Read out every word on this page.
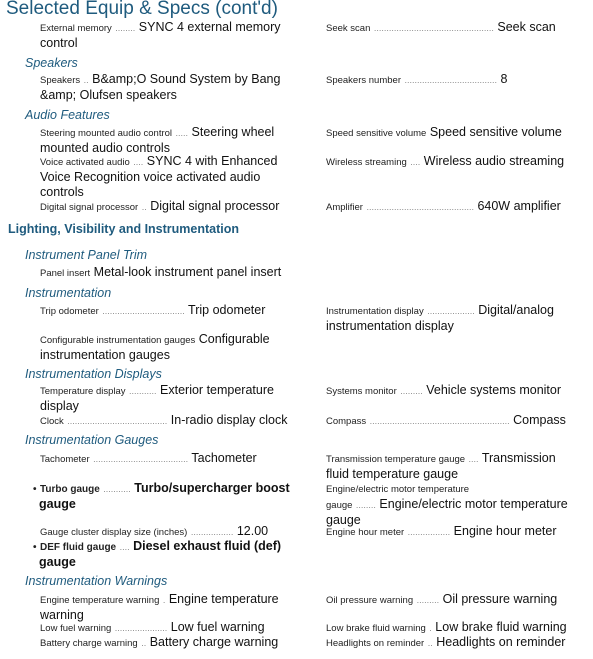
Selected Equip & Specs (cont'd)
External memory ........ SYNC 4 external memory
control
Speakers
Speakers .. B&amp;O Sound System by Bang
&amp; Olufsen speakers
Audio Features
Steering mounted audio control ..... Steering wheel
mounted audio controls
Voice activated audio .... SYNC 4 with Enhanced
Voice Recognition voice activated audio
controls
Digital signal processor .. Digital signal processor
Lighting, Visibility and Instrumentation
Instrument Panel Trim
Panel insert Metal-look instrument panel insert
Instrumentation
Trip odometer ................................. Trip odometer
Configurable instrumentation gauges Configurable
instrumentation gauges
Instrumentation Displays
Temperature display ........... Exterior temperature
display
Clock ........................................ In-radio display clock
Instrumentation Gauges
Tachometer ...................................... Tachometer
• Turbo gauge ........... Turbo/supercharger boost
gauge
Gauge cluster display size (inches) ................. 12.00
• DEF fluid gauge .... Diesel exhaust fluid (def)
gauge
Instrumentation Warnings
Engine temperature warning . Engine temperature
warning
Low fuel warning ..................... Low fuel warning
Battery charge warning .. Battery charge warning
Seek scan ................................................ Seek scan
Speakers number ..................................... 8
Speed sensitive volume Speed sensitive volume
Wireless streaming .... Wireless audio streaming
Amplifier ........................................... 640W amplifier
Instrumentation display ................... Digital/analog
instrumentation display
Systems monitor ......... Vehicle systems monitor
Compass ........................................................ Compass
Transmission temperature gauge .... Transmission
fluid temperature gauge
Engine/electric motor temperature
gauge ........ Engine/electric motor temperature
gauge
Engine hour meter ................. Engine hour meter
Oil pressure warning ......... Oil pressure warning
Low brake fluid warning . Low brake fluid warning
Headlights on reminder .. Headlights on reminder
